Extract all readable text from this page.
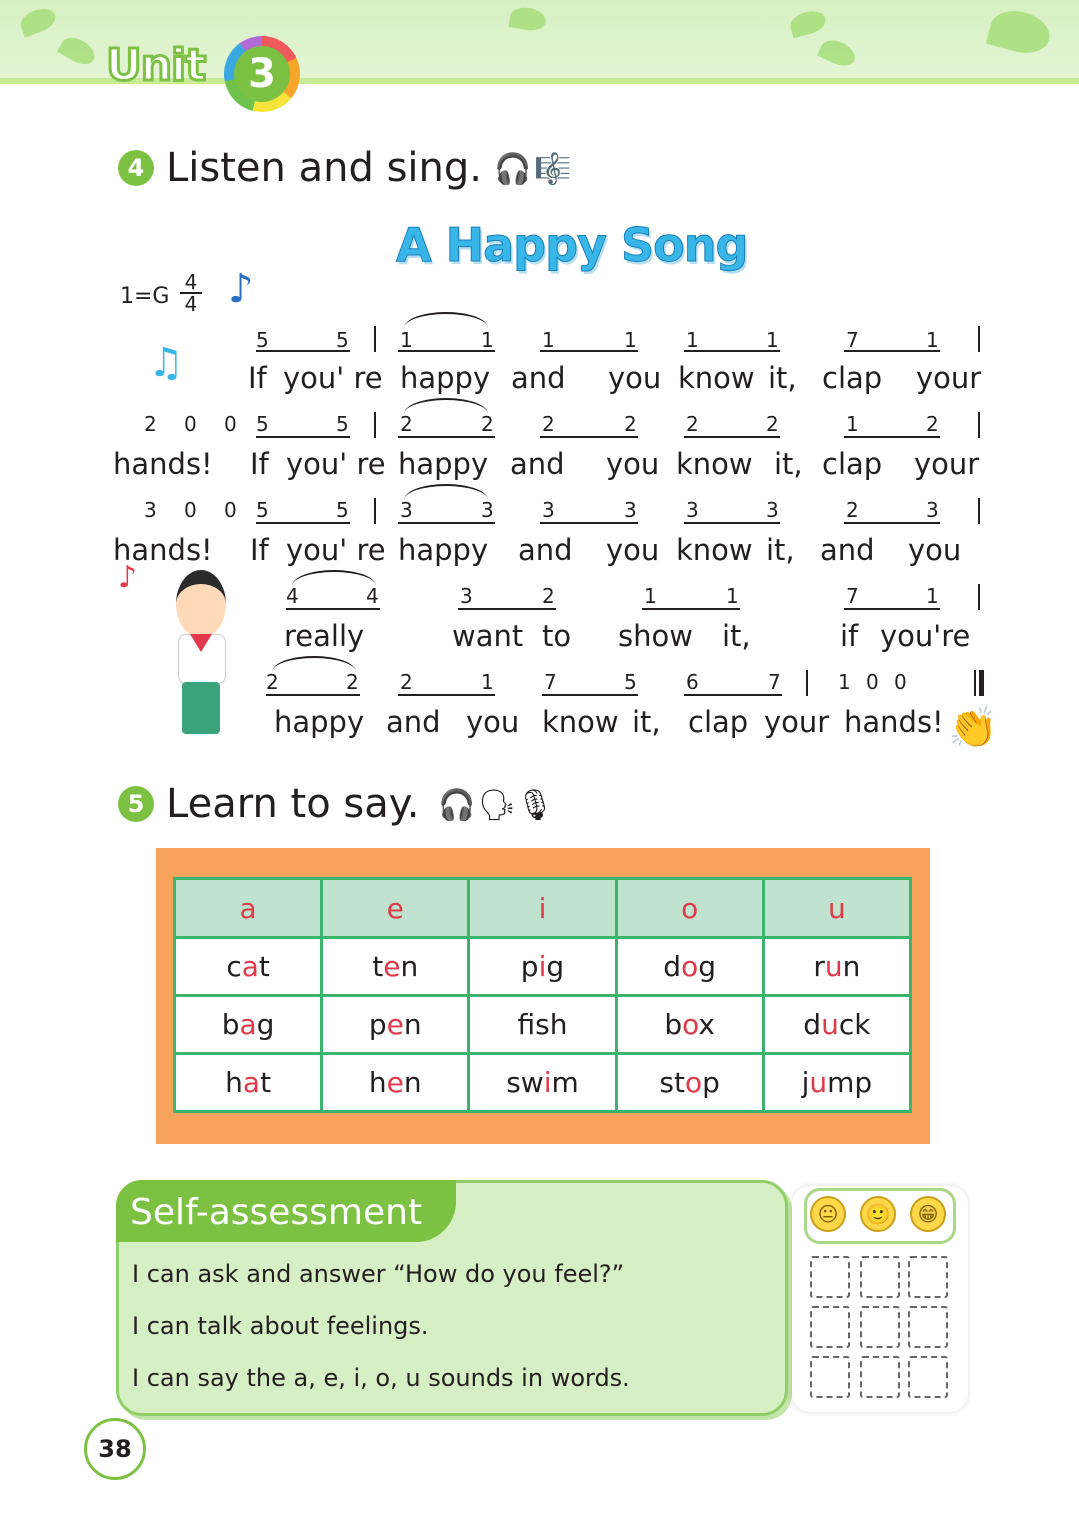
Unit	3
4 Listen and sing. 🎧 🎼
A Happy Song
1=G
4
4 ♪
♫
♪
5	5	1	1 1	1 1	1	7	1
If you' re happy and you know it, clap your
2 0 0 5	5	2	2 2	2 2	2	1	2
hands! If you' re happy and you know it, clap your
3 0 0 5	5	3	3 3	3 3	3	2	3
hands! If you' re happy and you know it, and you
4	4	3	2	1	1	7	1
really	want to show it,	if you're
2	2 2	1	7	5 6	7	1 0 0
happy and you know it, clap your hands! 👏
5 Learn to say. 🎧 🗣 🎙
a	e	i	o	u
cat	ten	pig	dog	run
bag	pen	fsh	box	duck
hat	hen	swim	stop	jump
Self-assessment
I can ask and answer “How do you feel?”
I can talk about feelings.
I can say the a, e, i, o, u sounds in words.
😐	🙂	😁
38
